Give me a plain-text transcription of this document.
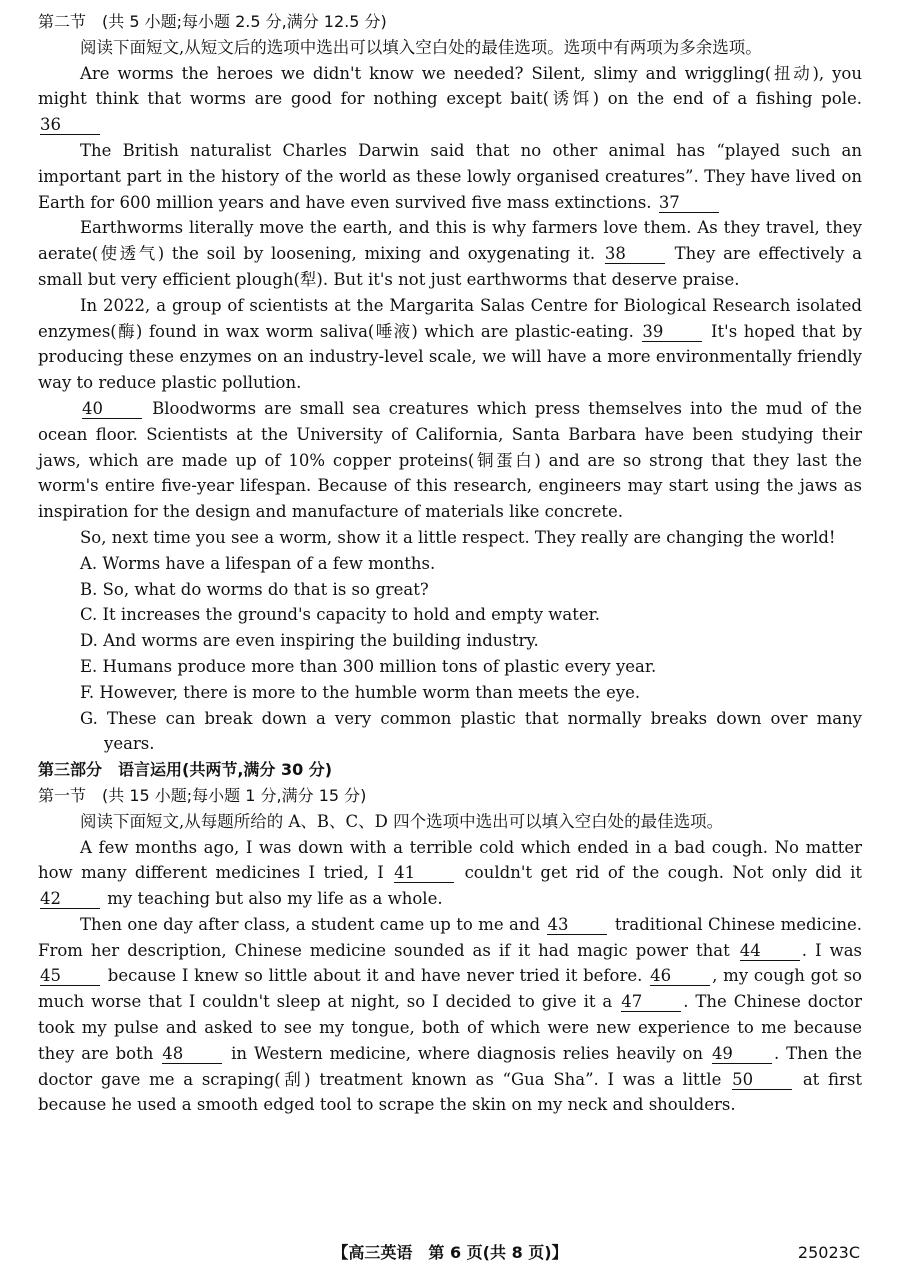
第二节　(共 5 小题;每小题 2.5 分,满分 12.5 分)

阅读下面短文,从短文后的选项中选出可以填入空白处的最佳选项。选项中有两项为多余选项。

Are worms the heroes we didn't know we needed? Silent, slimy and wriggling(扭动), you might think that worms are good for nothing except bait(诱饵) on the end of a fishing pole. 36

The British naturalist Charles Darwin said that no other animal has “played such an important part in the history of the world as these lowly organised creatures”. They have lived on Earth for 600 million years and have even survived five mass extinctions. 37

Earthworms literally move the earth, and this is why farmers love them. As they travel, they aerate(使透气) the soil by loosening, mixing and oxygenating it. 38	They are effectively a small but very efficient plough(犁). But it's not just earthworms that deserve praise.

In 2022, a group of scientists at the Margarita Salas Centre for Biological Research isolated enzymes(酶) found in wax worm saliva(唾液) which are plastic-eating. 39	It's hoped that by producing these enzymes on an industry-level scale, we will have a more environmentally friendly way to reduce plastic pollution.

40	Bloodworms are small sea creatures which press themselves into the mud of the ocean floor. Scientists at the University of California, Santa Barbara have been studying their jaws, which are made up of 10% copper proteins(铜蛋白) and are so strong that they last the worm's entire five-year lifespan. Because of this research, engineers may start using the jaws as inspiration for the design and manufacture of materials like concrete.

So, next time you see a worm, show it a little respect. They really are changing the world!

A. Worms have a lifespan of a few months.

B. So, what do worms do that is so great?

C. It increases the ground's capacity to hold and empty water.

D. And worms are even inspiring the building industry.

E. Humans produce more than 300 million tons of plastic every year.

F. However, there is more to the humble worm than meets the eye.

G. These can break down a very common plastic that normally breaks down over many years.

第三部分　语言运用(共两节,满分 30 分)

第一节　(共 15 小题;每小题 1 分,满分 15 分)

阅读下面短文,从每题所给的 A、B、C、D 四个选项中选出可以填入空白处的最佳选项。

A few months ago, I was down with a terrible cold which ended in a bad cough. No matter how many different medicines I tried, I 41	couldn't get rid of the cough. Not only did it 42	my teaching but also my life as a whole.

Then one day after class, a student came up to me and 43	traditional Chinese medicine. From her description, Chinese medicine sounded as if it had magic power that 44 . I was 45	because I knew so little about it and have never tried it before. 46 , my cough got so much worse that I couldn't sleep at night, so I decided to give it a 47 . The Chinese doctor took my pulse and asked to see my tongue, both of which were new experience to me because they are both 48	in Western medicine, where diagnosis relies heavily on 49 . Then the doctor gave me a scraping(刮) treatment known as “Gua Sha”. I was a little 50	at first because he used a smooth edged tool to scrape the skin on my neck and shoulders.

【高三英语　第 6 页(共 8 页)】	25023C
